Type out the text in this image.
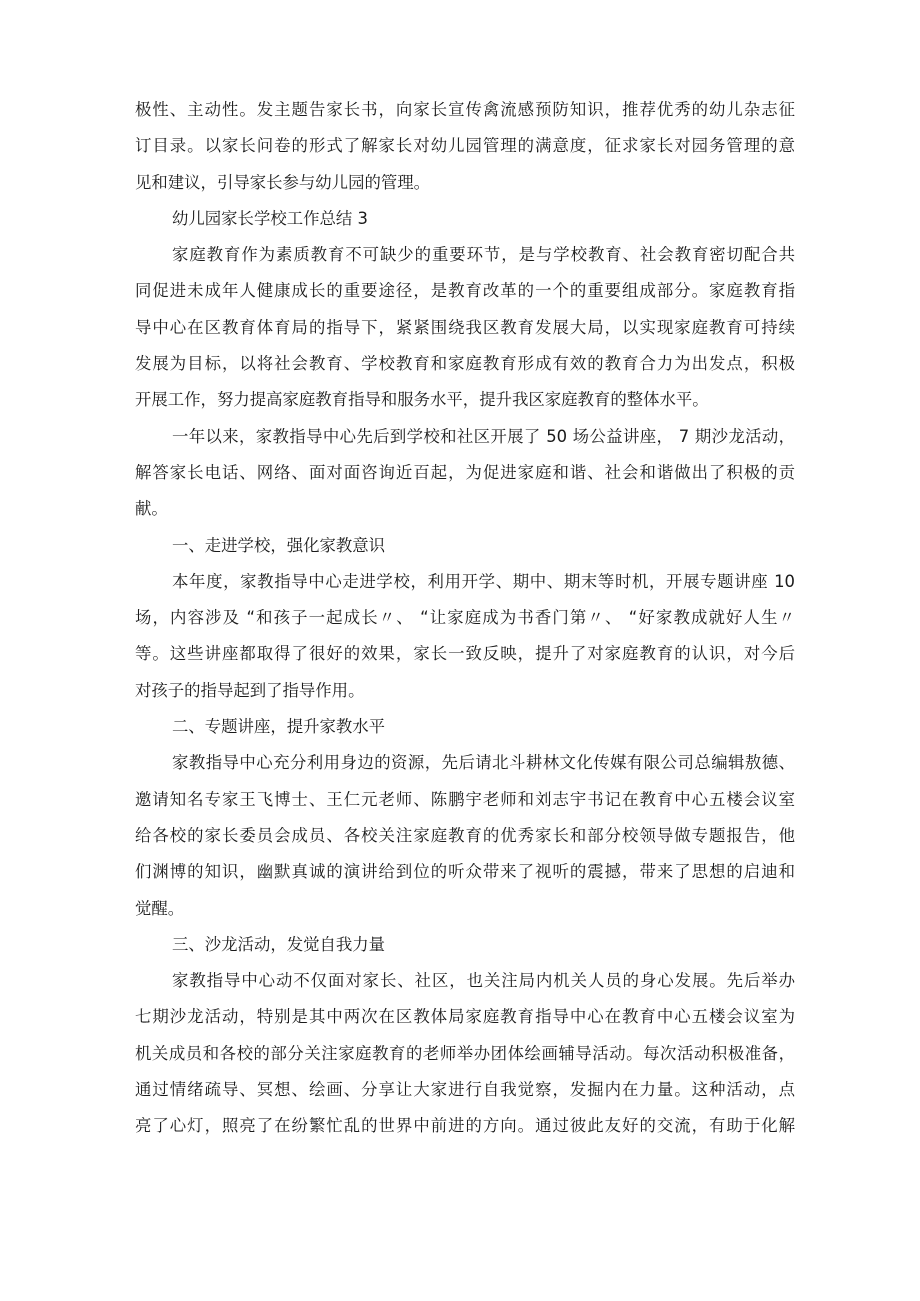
极性、主动性。发主题告家长书，向家长宣传禽流感预防知识，推荐优秀的幼儿杂志征
订目录。以家长问卷的形式了解家长对幼儿园管理的满意度，征求家长对园务管理的意
见和建议，引导家长参与幼儿园的管理。
幼儿园家长学校工作总结 3
家庭教育作为素质教育不可缺少的重要环节，是与学校教育、社会教育密切配合共
同促进未成年人健康成长的重要途径，是教育改革的一个的重要组成部分。家庭教育指
导中心在区教育体育局的指导下，紧紧围绕我区教育发展大局，以实现家庭教育可持续
发展为目标，以将社会教育、学校教育和家庭教育形成有效的教育合力为出发点，积极
开展工作，努力提高家庭教育指导和服务水平，提升我区家庭教育的整体水平。
一年以来，家教指导中心先后到学校和社区开展了 50 场公益讲座， 7 期沙龙活动，
解答家长电话、网络、面对面咨询近百起，为促进家庭和谐、社会和谐做出了积极的贡
献。
一、走进学校，强化家教意识
本年度，家教指导中心走进学校，利用开学、期中、期末等时机，开展专题讲座 10
场，内容涉及 “和孩子一起成长〃、 “让家庭成为书香门第〃、 “好家教成就好人生〃
等。这些讲座都取得了很好的效果，家长一致反映，提升了对家庭教育的认识，对今后
对孩子的指导起到了指导作用。
二、专题讲座，提升家教水平
家教指导中心充分利用身边的资源，先后请北斗耕林文化传媒有限公司总编辑敖德、
邀请知名专家王飞博士、王仁元老师、陈鹏宇老师和刘志宇书记在教育中心五楼会议室
给各校的家长委员会成员、各校关注家庭教育的优秀家长和部分校领导做专题报告，他
们渊博的知识，幽默真诚的演讲给到位的听众带来了视听的震撼，带来了思想的启迪和
觉醒。
三、沙龙活动，发觉自我力量
家教指导中心动不仅面对家长、社区，也关注局内机关人员的身心发展。先后举办
七期沙龙活动，特别是其中两次在区教体局家庭教育指导中心在教育中心五楼会议室为
机关成员和各校的部分关注家庭教育的老师举办团体绘画辅导活动。每次活动积极准备，
通过情绪疏导、冥想、绘画、分享让大家进行自我觉察，发掘内在力量。这种活动，点
亮了心灯，照亮了在纷繁忙乱的世界中前进的方向。通过彼此友好的交流，有助于化解
